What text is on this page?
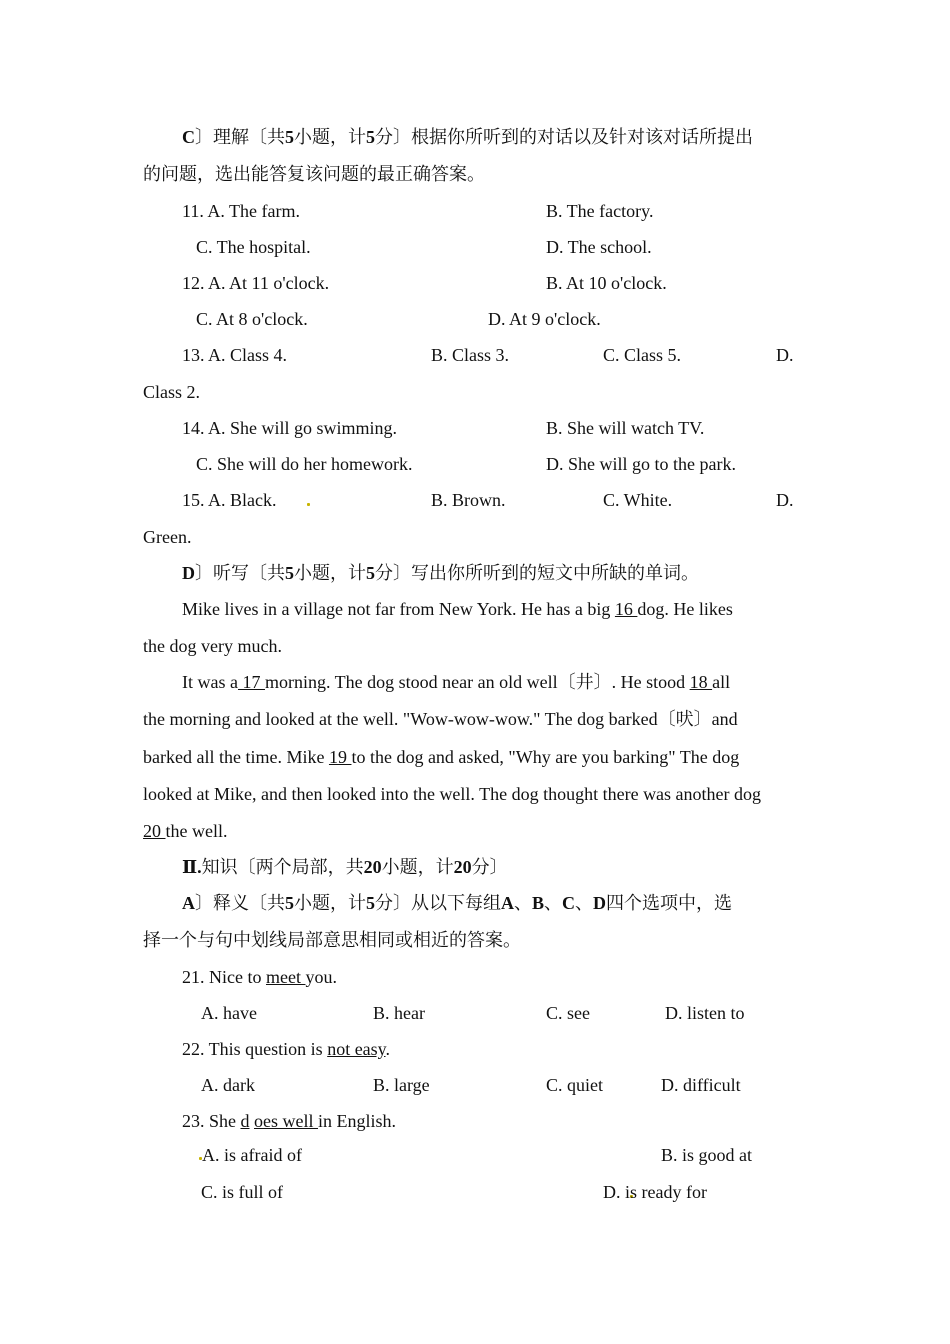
C〕理解〔共5小题，计5分〕根据你所听到的对话以及针对该对话所提出
的问题，选出能答复该问题的最正确答案。
11. A. The farm.	B. The factory.
C. The hospital.	D. The school.
12. A. At 11 o'clock.	B. At 10 o'clock.
C. At 8 o'clock.	D. At 9 o'clock.
13. A. Class 4.	B. Class 3.	C. Class 5.	D.
Class 2.
14. A. She will go swimming.	B. She will watch TV.
C. She will do her homework.	D. She will go to the park.
15. A. Black.	B. Brown.	C. White.	D.
Green.
D〕听写〔共5小题，计5分〕写出你所听到的短文中所缺的单词。
Mike lives in a village not far from New York. He has a big 16 dog. He likes
the dog very much.
It was a 17 morning. The dog stood near an old well〔井〕. He stood 18 all
the morning and looked at the well. "Wow-wow-wow." The dog barked〔吠〕and
barked all the time. Mike 19 to the dog and asked, "Why are you barking" The dog
looked at Mike, and then looked into the well. The dog thought there was another dog
20 the well.
Ⅱ.知识〔两个局部，共20小题，计20分〕
A〕释义〔共5小题，计5分〕从以下每组A、B、C、D四个选项中，选
择一个与句中划线局部意思相同或相近的答案。
21. Nice to meet you.
A. have	B. hear	C. see	D. listen to
22. This question is not easy.
A. dark	B. large	C. quiet	D. difficult
23. She d oes well in English.
A. is afraid of	B. is good at
C. is full of	D. is ready for
